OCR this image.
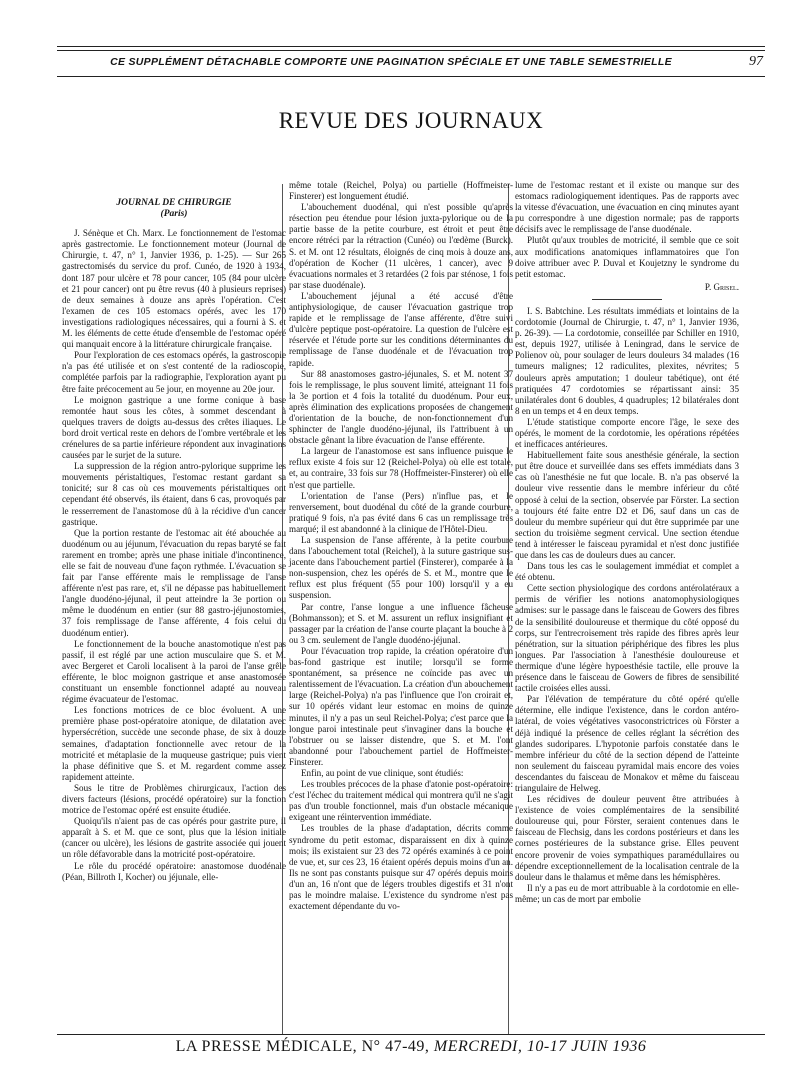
CE SUPPLÉMENT DÉTACHABLE COMPORTE UNE PAGINATION SPÉCIALE ET UNE TABLE SEMESTRIELLE	97
REVUE DES JOURNAUX

JOURNAL DE CHIRURGIE

(Paris)

J. Sénèque et Ch. Marx. Le fonctionnement de l'estomac après gastrectomie. Le fonctionnement moteur (Journal de Chirurgie, t. 47, n° 1, Janvier 1936, p. 1-25). — Sur 265 gastrectomisés du service du prof. Cunéo, de 1920 à 1934, dont 187 pour ulcère et 78 pour cancer, 105 (84 pour ulcère et 21 pour cancer) ont pu être revus (40 à plusieurs reprises) de deux semaines à douze ans après l'opération. C'est l'examen de ces 105 estomacs opérés, avec les 170 investigations radiologiques nécessaires, qui a fourni à S. et M. les éléments de cette étude d'ensemble de l'estomac opéré qui manquait encore à la littérature chirurgicale française.

Pour l'exploration de ces estomacs opérés, la gastroscopie n'a pas été utilisée et on s'est contenté de la radioscopie, complétée parfois par la radiographie, l'exploration ayant pu être faite précocement au 5e jour, en moyenne au 20e jour.

Le moignon gastrique a une forme conique à base remontée haut sous les côtes, à sommet descendant à quelques travers de doigts au-dessus des crêtes iliaques. Le bord droit vertical reste en dehors de l'ombre vertébrale et les crénelures de sa partie inférieure répondent aux invaginations causées par le surjet de la suture.

La suppression de la région antro-pylorique supprime les mouvements péristaltiques, l'estomac restant gardant sa tonicité; sur 8 cas où ces mouvements péristaltiques ont cependant été observés, ils étaient, dans 6 cas, provoqués par le resserrement de l'anastomose dû à la récidive d'un cancer gastrique.

Que la portion restante de l'estomac ait été abouchée au duodénum ou au jéjunum, l'évacuation du repas baryté se fait rarement en trombe; après une phase initiale d'incontinence, elle se fait de nouveau d'une façon rythmée. L'évacuation se fait par l'anse efférente mais le remplissage de l'anse afférente n'est pas rare, et, s'il ne dépasse pas habituellement l'angle duodéno-jéjunal, il peut atteindre la 3e portion ou même le duodénum en entier (sur 88 gastro-jéjunostomies, 37 fois remplissage de l'anse afférente, 4 fois celui du duodénum entier).

Le fonctionnement de la bouche anastomotique n'est pas passif, il est réglé par une action musculaire que S. et M. avec Bergeret et Caroli localisent à la paroi de l'anse grêle efférente, le bloc moignon gastrique et anse anastomosée constituant un ensemble fonctionnel adapté au nouveau régime évacuateur de l'estomac.

Les fonctions motrices de ce bloc évoluent. A une première phase post-opératoire atonique, de dilatation avec hypersécrétion, succède une seconde phase, de six à douze semaines, d'adaptation fonctionnelle avec retour de la motricité et métaplasie de la muqueuse gastrique; puis vient la phase définitive que S. et M. regardent comme assez rapidement atteinte.

Sous le titre de Problèmes chirurgicaux, l'action des divers facteurs (lésions, procédé opératoire) sur la fonction motrice de l'estomac opéré est ensuite étudiée.

Quoiqu'ils n'aient pas de cas opérés pour gastrite pure, il apparaît à S. et M. que ce sont, plus que la lésion initiale (cancer ou ulcère), les lésions de gastrite associée qui jouent un rôle défavorable dans la motricité post-opératoire.

Le rôle du procédé opératoire: anastomose duodénale (Péan, Billroth I, Kocher) ou jéjunale, elle-

même totale (Reichel, Polya) ou partielle (Hoffmeister-Finsterer) est longuement étudié.

L'abouchement duodénal, qui n'est possible qu'après résection peu étendue pour lésion juxta-pylorique ou de la partie basse de la petite courbure, est étroit et peut être encore rétréci par la rétraction (Cunéo) ou l'œdème (Burck). S. et M. ont 12 résultats, éloignés de cinq mois à douze ans, d'opération de Kocher (11 ulcères, 1 cancer), avec 9 évacuations normales et 3 retardées (2 fois par sténose, 1 fois par stase duodénale).

L'abouchement jéjunal a été accusé d'être antiphysiologique, de causer l'évacuation gastrique trop rapide et le remplissage de l'anse afférente, d'être suivi d'ulcère peptique post-opératoire. La question de l'ulcère est réservée et l'étude porte sur les conditions déterminantes du remplissage de l'anse duodénale et de l'évacuation trop rapide.

Sur 88 anastomoses gastro-jéjunales, S. et M. notent 37 fois le remplissage, le plus souvent limité, atteignant 11 fois la 3e portion et 4 fois la totalité du duodénum. Pour eux, après élimination des explications proposées de changement d'orientation de la bouche, de non-fonctionnement d'un sphincter de l'angle duodéno-jéjunal, ils l'attribuent à un obstacle gênant la libre évacuation de l'anse efférente.

La largeur de l'anastomose est sans influence puisque le reflux existe 4 fois sur 12 (Reichel-Polya) où elle est totale, et, au contraire, 33 fois sur 78 (Hoffmeister-Finsterer) où elle n'est que partielle.

L'orientation de l'anse (Pers) n'influe pas, et le renversement, bout duodénal du côté de la grande courbure, pratiqué 9 fois, n'a pas évité dans 6 cas un remplissage très marqué; il est abandonné à la clinique de l'Hôtel-Dieu.

La suspension de l'anse afférente, à la petite courbure dans l'abouchement total (Reichel), à la suture gastrique sus-jacente dans l'abouchement partiel (Finsterer), comparée à la non-suspension, chez les opérés de S. et M., montre que le reflux est plus fréquent (55 pour 100) lorsqu'il y a eu suspension.

Par contre, l'anse longue a une influence fâcheuse (Bohmansson); et S. et M. assurent un reflux insignifiant et passager par la création de l'anse courte plaçant la bouche à 2 ou 3 cm. seulement de l'angle duodéno-jéjunal.

Pour l'évacuation trop rapide, la création opératoire d'un bas-fond gastrique est inutile; lorsqu'il se forme spontanément, sa présence ne coïncide pas avec un ralentissement de l'évacuation. La création d'un abouchement large (Reichel-Polya) n'a pas l'influence que l'on croirait et, sur 10 opérés vidant leur estomac en moins de quinze minutes, il n'y a pas un seul Reichel-Polya; c'est parce que la longue paroi intestinale peut s'invaginer dans la bouche et l'obstruer ou se laisser distendre, que S. et M. l'ont abandonné pour l'abouchement partiel de Hoffmeister-Finsterer.

Enfin, au point de vue clinique, sont étudiés:

Les troubles précoces de la phase d'atonie post-opératoire: c'est l'échec du traitement médical qui montrera qu'il ne s'agit pas d'un trouble fonctionnel, mais d'un obstacle mécanique exigeant une réintervention immédiate.

Les troubles de la phase d'adaptation, décrits comme syndrome du petit estomac, disparaissent en dix à quinze mois; ils existaient sur 23 des 72 opérés examinés à ce point de vue, et, sur ces 23, 16 étaient opérés depuis moins d'un an. Ils ne sont pas constants puisque sur 47 opérés depuis moins d'un an, 16 n'ont que de légers troubles digestifs et 31 n'ont pas le moindre malaise. L'existence du syndrome n'est pas exactement dépendante du vo-

lume de l'estomac restant et il existe ou manque sur des estomacs radiologiquement identiques. Pas de rapports avec la vitesse d'évacuation, une évacuation en cinq minutes ayant pu correspondre à une digestion normale; pas de rapports décisifs avec le remplissage de l'anse duodénale.

Plutôt qu'aux troubles de motricité, il semble que ce soit aux modifications anatomiques inflammatoires que l'on doive attribuer avec P. Duval et Koujetzny le syndrome du petit estomac.

P. Grisel.

I. S. Babtchine. Les résultats immédiats et lointains de la cordotomie (Journal de Chirurgie, t. 47, n° 1, Janvier 1936, p. 26-39). — La cordotomie, conseillée par Schiller en 1910, est, depuis 1927, utilisée à Leningrad, dans le service de Polienov où, pour soulager de leurs douleurs 34 malades (16 tumeurs malignes; 12 radiculites, plexites, névrites; 5 douleurs après amputation; 1 douleur tabétique), ont été pratiquées 47 cordotomies se répartissant ainsi: 35 unilatérales dont 6 doubles, 4 quadruples; 12 bilatérales dont 8 en un temps et 4 en deux temps.

L'étude statistique comporte encore l'âge, le sexe des opérés, le moment de la cordotomie, les opérations répétées et inefficaces antérieures.

Habituellement faite sous anesthésie générale, la section put être douce et surveillée dans ses effets immédiats dans 3 cas où l'anesthésie ne fut que locale. B. n'a pas observé la douleur vive ressentie dans le membre inférieur du côté opposé à celui de la section, observée par Förster. La section a toujours été faite entre D2 et D6, sauf dans un cas de douleur du membre supérieur qui dut être supprimée par une section du troisième segment cervical. Une section étendue tend à intéresser le faisceau pyramidal et n'est donc justifiée que dans les cas de douleurs dues au cancer.

Dans tous les cas le soulagement immédiat et complet a été obtenu.

Cette section physiologique des cordons antérolatéraux a permis de vérifier les notions anatomophysiologiques admises: sur le passage dans le faisceau de Gowers des fibres de la sensibilité douloureuse et thermique du côté opposé du corps, sur l'entrecroisement très rapide des fibres après leur pénétration, sur la situation périphérique des fibres les plus longues. Par l'association à l'anesthésie douloureuse et thermique d'une légère hypoesthésie tactile, elle prouve la présence dans le faisceau de Gowers de fibres de sensibilité tactile croisées elles aussi.

Par l'élévation de température du côté opéré qu'elle détermine, elle indique l'existence, dans le cordon antéro-latéral, de voies végétatives vasoconstrictrices où Förster a déjà indiqué la présence de celles réglant la sécrétion des glandes sudoripares. L'hypotonie parfois constatée dans le membre inférieur du côté de la section dépend de l'atteinte non seulement du faisceau pyramidal mais encore des voies descendantes du faisceau de Monakov et même du faisceau triangulaire de Helweg.

Les récidives de douleur peuvent être attribuées à l'existence de voies complémentaires de la sensibilité douloureuse qui, pour Förster, seraient contenues dans le faisceau de Flechsig, dans les cordons postérieurs et dans les cornes postérieures de la substance grise. Elles peuvent encore provenir de voies sympathiques paramédullaires ou dépendre exceptionnellement de la localisation centrale de la douleur dans le thalamus et même dans les hémisphères.

Il n'y a pas eu de mort attribuable à la cordotomie en elle-même; un cas de mort par embolie

LA PRESSE MÉDICALE, N° 47-49, MERCREDI, 10-17 JUIN 1936
